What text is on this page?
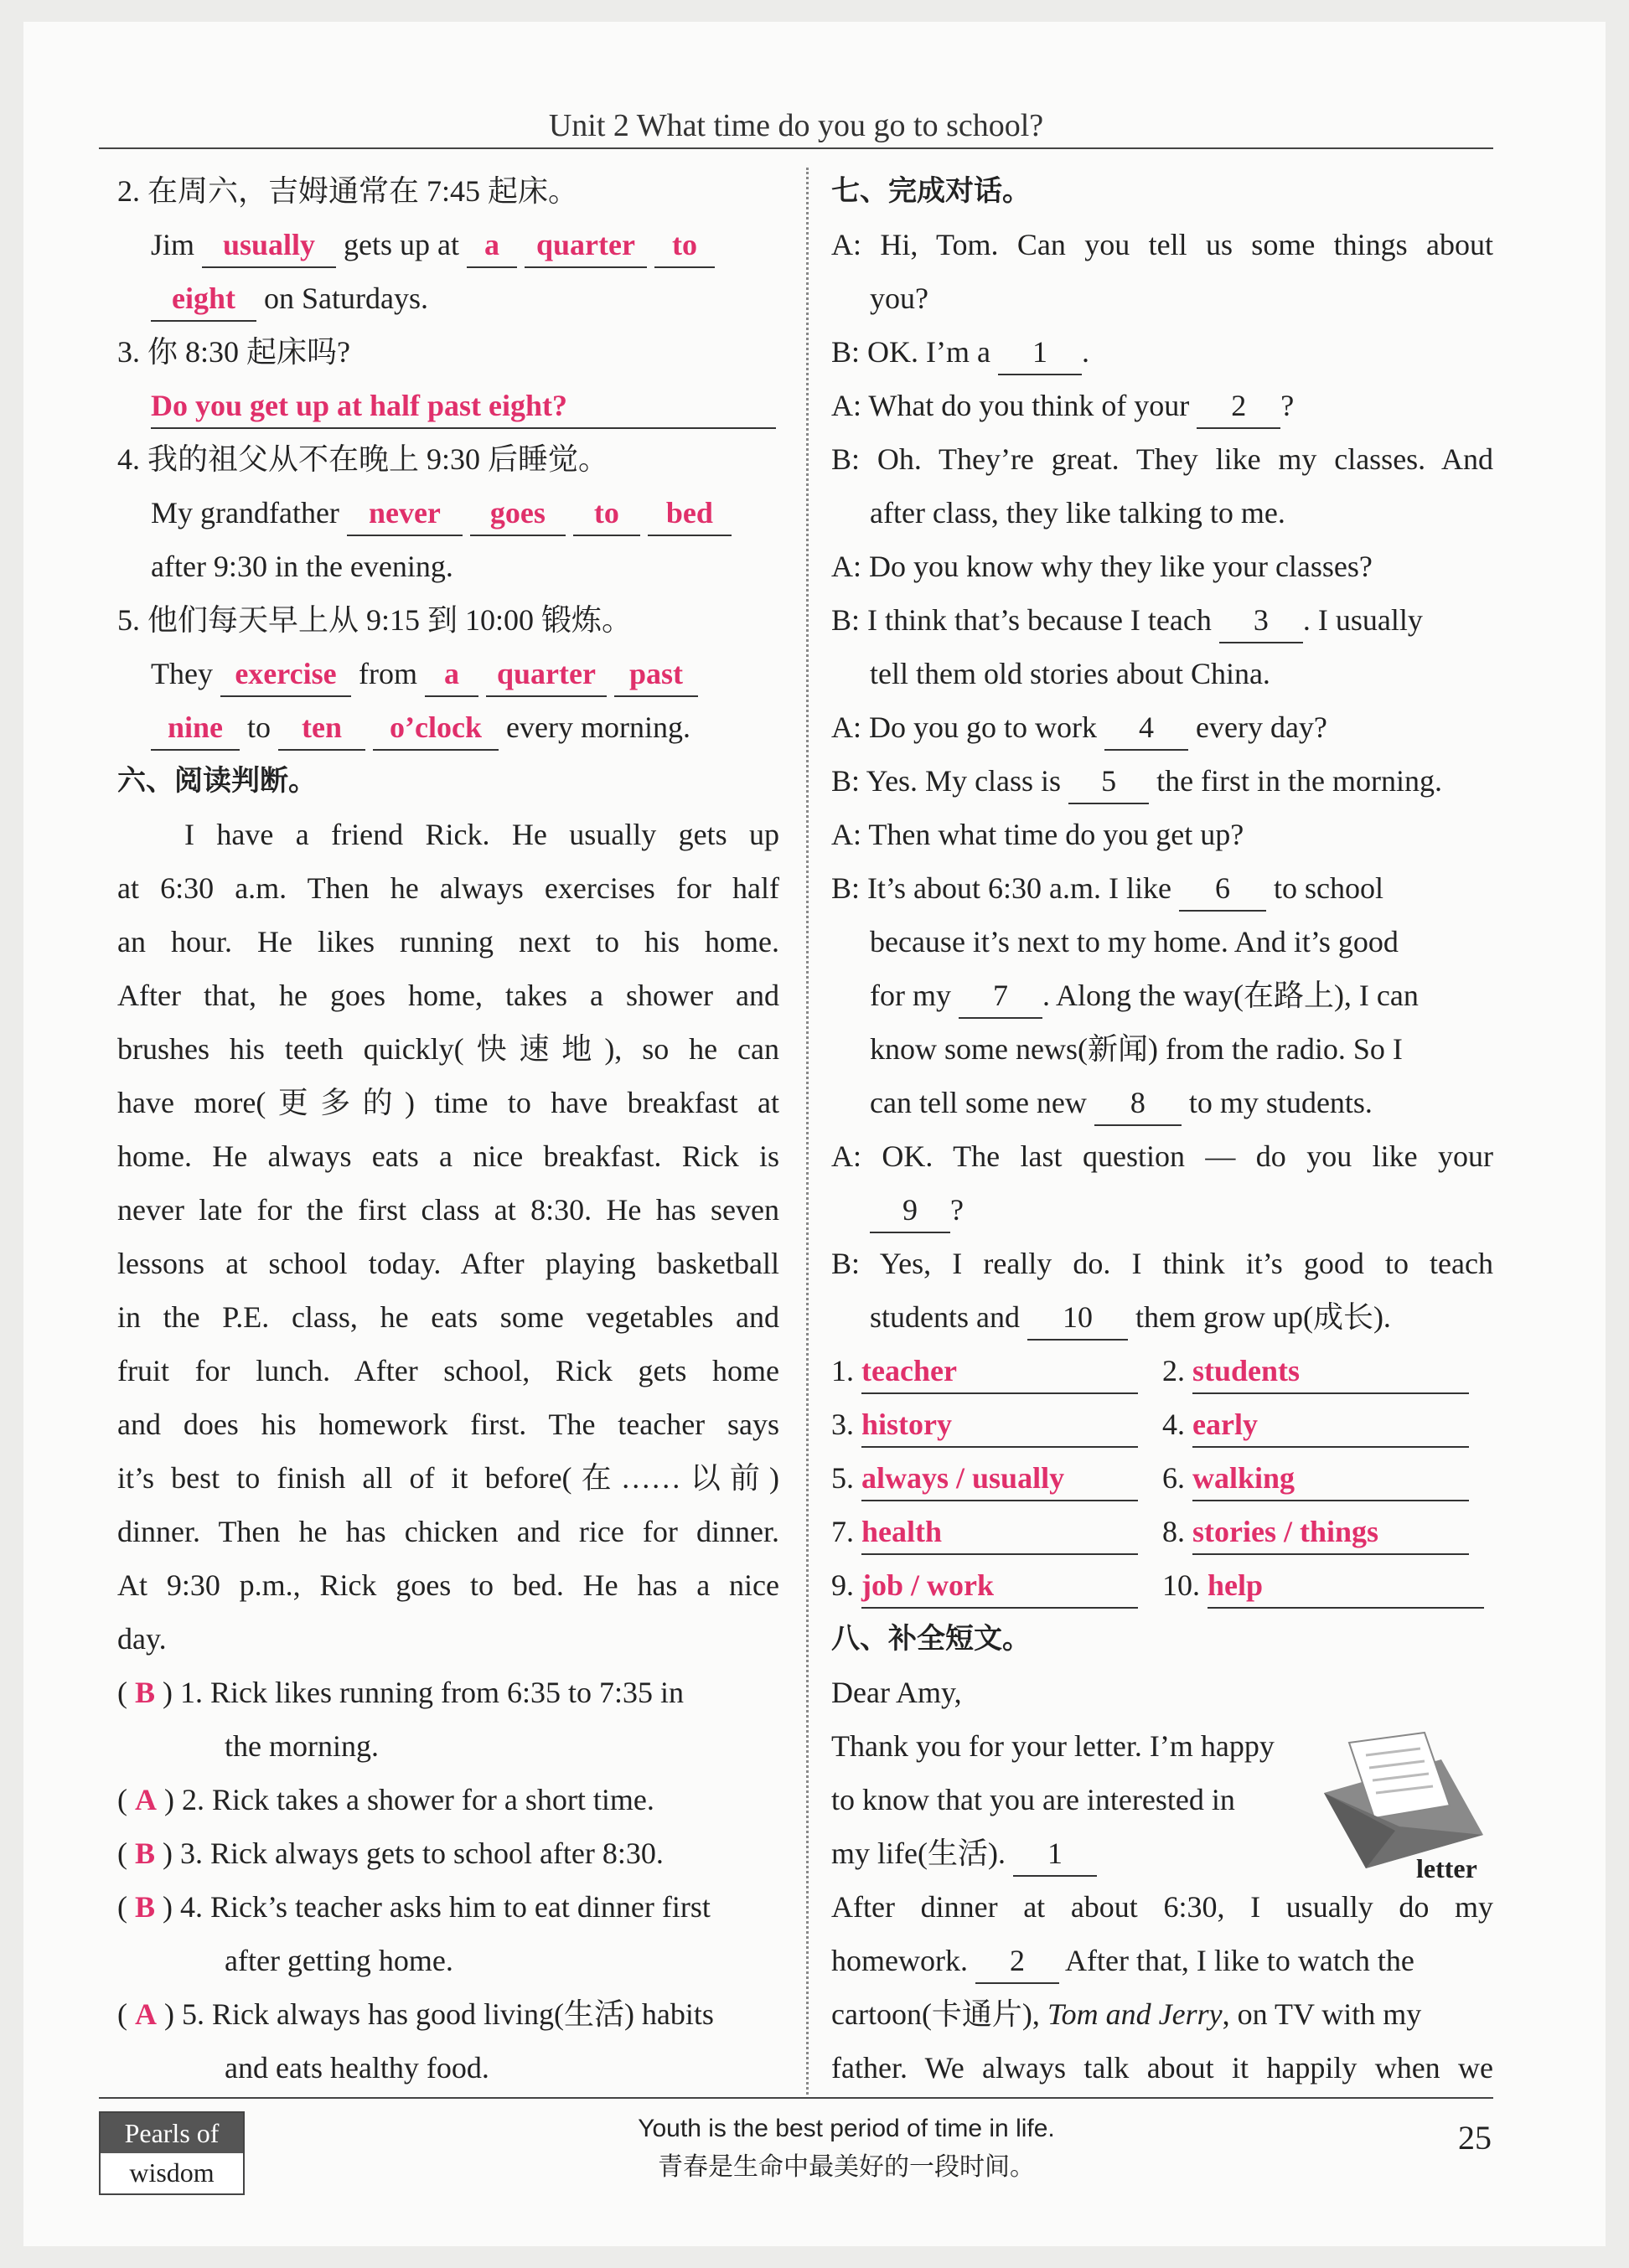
Unit 2 What time do you go to school?
2. 在周六，吉姆通常在 7:45 起床。
Jim usually gets up at a quarter to
eight on Saturdays.
3. 你 8:30 起床吗?
Do you get up at half past eight?
4. 我的祖父从不在晚上 9:30 后睡觉。
My grandfather never goes to bed
after 9:30 in the evening.
5. 他们每天早上从 9:15 到 10:00 锻炼。
They exercise from a quarter past
nine to ten o’clock every morning.
六、阅读判断。
I have a friend Rick. He usually gets up
at 6:30 a.m. Then he always exercises for half
an hour. He likes running next to his home.
After that, he goes home, takes a shower and
brushes his teeth quickly(快速地), so he can
have more(更多的) time to have breakfast at
home. He always eats a nice breakfast. Rick is
never late for the first class at 8:30. He has seven
lessons at school today. After playing basketball
in the P.E. class, he eats some vegetables and
fruit for lunch. After school, Rick gets home
and does his homework first. The teacher says
it’s best to finish all of it before(在……以前)
dinner. Then he has chicken and rice for dinner.
At 9:30 p.m., Rick goes to bed. He has a nice
day.
( B ) 1. Rick likes running from 6:35 to 7:35 in
the morning.
( A ) 2. Rick takes a shower for a short time.
( B ) 3. Rick always gets to school after 8:30.
( B ) 4. Rick’s teacher asks him to eat dinner first
after getting home.
( A ) 5. Rick always has good living(生活) habits
and eats healthy food.
七、完成对话。
A: Hi, Tom. Can you tell us some things about
you?
B: OK. I’m a 1 .
A: What do you think of your 2 ?
B: Oh. They’re great. They like my classes. And
after class, they like talking to me.
A: Do you know why they like your classes?
B: I think that’s because I teach 3 . I usually
tell them old stories about China.
A: Do you go to work 4 every day?
B: Yes. My class is 5 the first in the morning.
A: Then what time do you get up?
B: It’s about 6:30 a.m. I like 6 to school
because it’s next to my home. And it’s good
for my 7 . Along the way(在路上), I can
know some news(新闻) from the radio. So I
can tell some new 8 to my students.
A: OK. The last question — do you like your
9 ?
B: Yes, I really do. I think it’s good to teach
students and 10 them grow up(成长).
1. teacher	2. students
3. history	4. early
5. always / usually	6. walking
7. health	8. stories / things
9. job / work	10. help
八、补全短文。
Dear Amy,
Thank you for your letter. I’m happy
to know that you are interested in
my life(生活). 1
After dinner at about 6:30, I usually do my
homework. 2 After that, I like to watch the
cartoon(卡通片), Tom and Jerry, on TV with my
father. We always talk about it happily when we
letter
Pearls of
wisdom
Youth is the best period of time in life.
青春是生命中最美好的一段时间。
25
